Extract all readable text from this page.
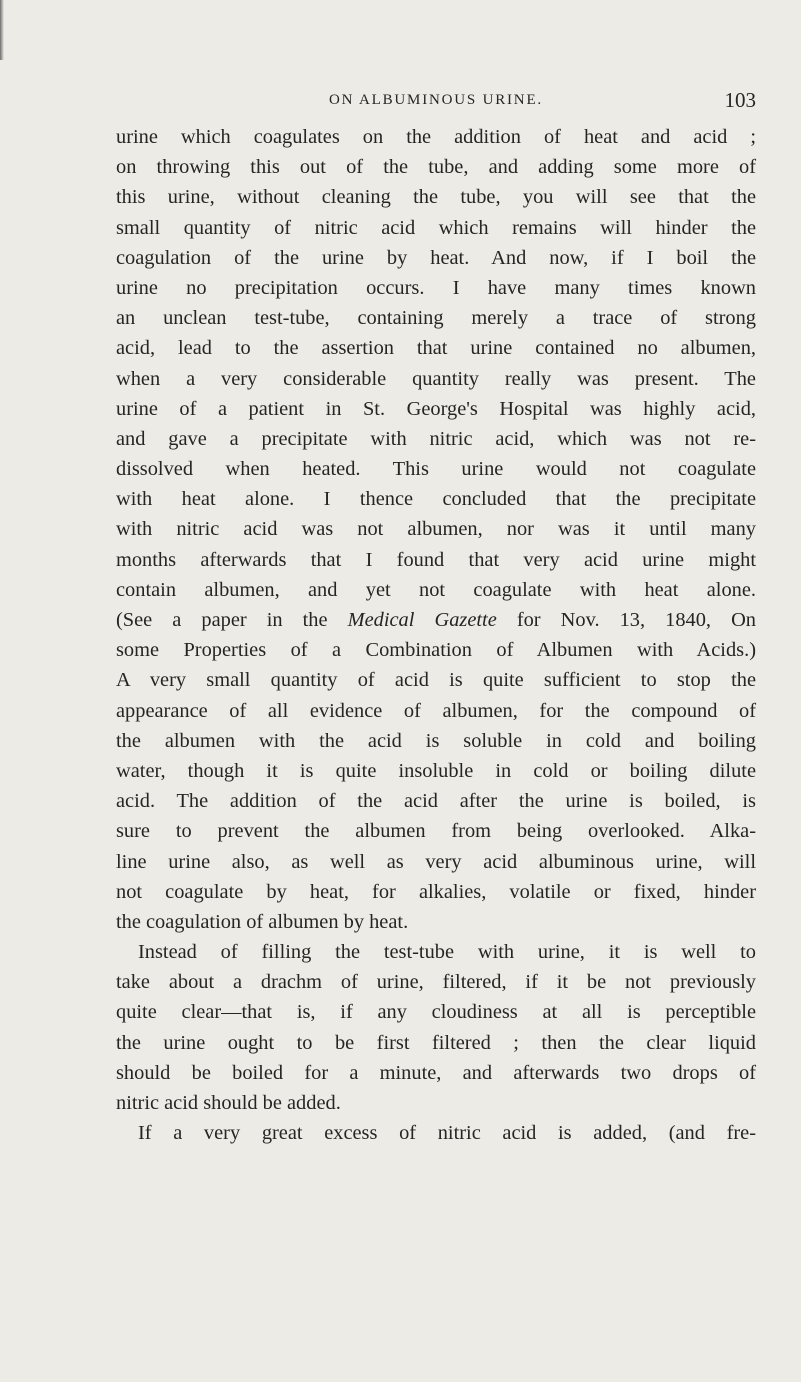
ON ALBUMINOUS URINE.	103
urine which coagulates on the addition of heat and acid ;
on throwing this out of the tube, and adding some more of
this urine, without cleaning the tube, you will see that the
small quantity of nitric acid which remains will hinder the
coagulation of the urine by heat. And now, if I boil the
urine no precipitation occurs. I have many times known
an unclean test-tube, containing merely a trace of strong
acid, lead to the assertion that urine contained no albumen,
when a very considerable quantity really was present. The
urine of a patient in St. George's Hospital was highly acid,
and gave a precipitate with nitric acid, which was not re-
dissolved when heated. This urine would not coagulate
with heat alone. I thence concluded that the precipitate
with nitric acid was not albumen, nor was it until many
months afterwards that I found that very acid urine might
contain albumen, and yet not coagulate with heat alone.
(See a paper in the Medical Gazette for Nov. 13, 1840, On
some Properties of a Combination of Albumen with Acids.)
A very small quantity of acid is quite sufficient to stop the
appearance of all evidence of albumen, for the compound of
the albumen with the acid is soluble in cold and boiling
water, though it is quite insoluble in cold or boiling dilute
acid. The addition of the acid after the urine is boiled, is
sure to prevent the albumen from being overlooked. Alka-
line urine also, as well as very acid albuminous urine, will
not coagulate by heat, for alkalies, volatile or fixed, hinder
the coagulation of albumen by heat.
Instead of filling the test-tube with urine, it is well to
take about a drachm of urine, filtered, if it be not previously
quite clear—that is, if any cloudiness at all is perceptible
the urine ought to be first filtered ; then the clear liquid
should be boiled for a minute, and afterwards two drops of
nitric acid should be added.
If a very great excess of nitric acid is added, (and fre-
